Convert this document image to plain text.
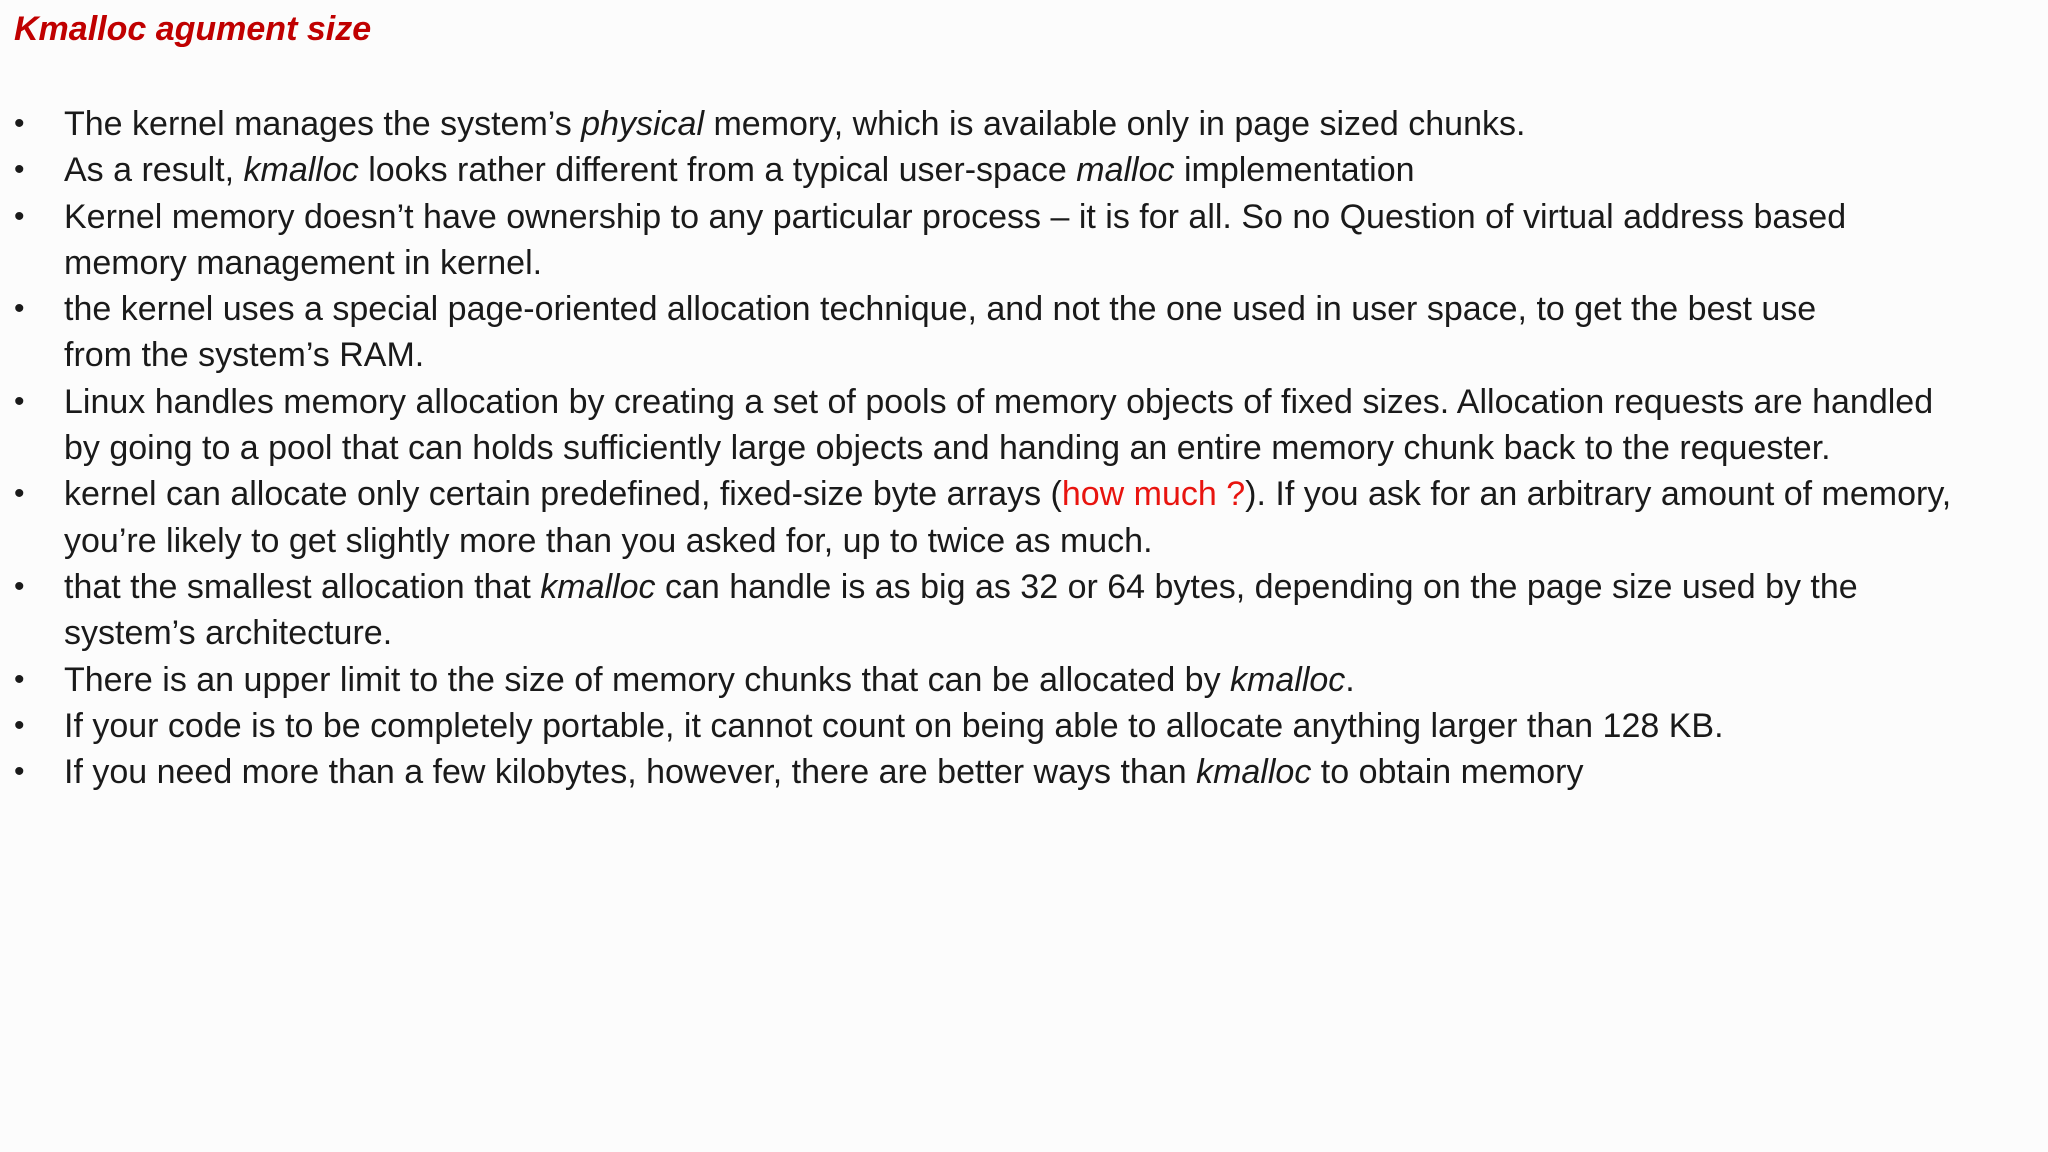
Kmalloc agument size
• The kernel manages the system’s physical memory, which is available only in page sized chunks.
• As a result, kmalloc looks rather different from a typical user-space malloc implementation
• Kernel memory doesn’t have ownership to any particular process – it is for all. So no Question of virtual address based
memory management in kernel.
• the kernel uses a special page-oriented allocation technique, and not the one used in user space, to get the best use
from the system’s RAM.
• Linux handles memory allocation by creating a set of pools of memory objects of fixed sizes. Allocation requests are handled
by going to a pool that can holds sufficiently large objects and handing an entire memory chunk back to the requester.
• kernel can allocate only certain predefined, fixed-size byte arrays (how much ?). If you ask for an arbitrary amount of memory,
you’re likely to get slightly more than you asked for, up to twice as much.
• that the smallest allocation that kmalloc can handle is as big as 32 or 64 bytes, depending on the page size used by the
system’s architecture.
• There is an upper limit to the size of memory chunks that can be allocated by kmalloc.
• If your code is to be completely portable, it cannot count on being able to allocate anything larger than 128 KB.
• If you need more than a few kilobytes, however, there are better ways than kmalloc to obtain memory
